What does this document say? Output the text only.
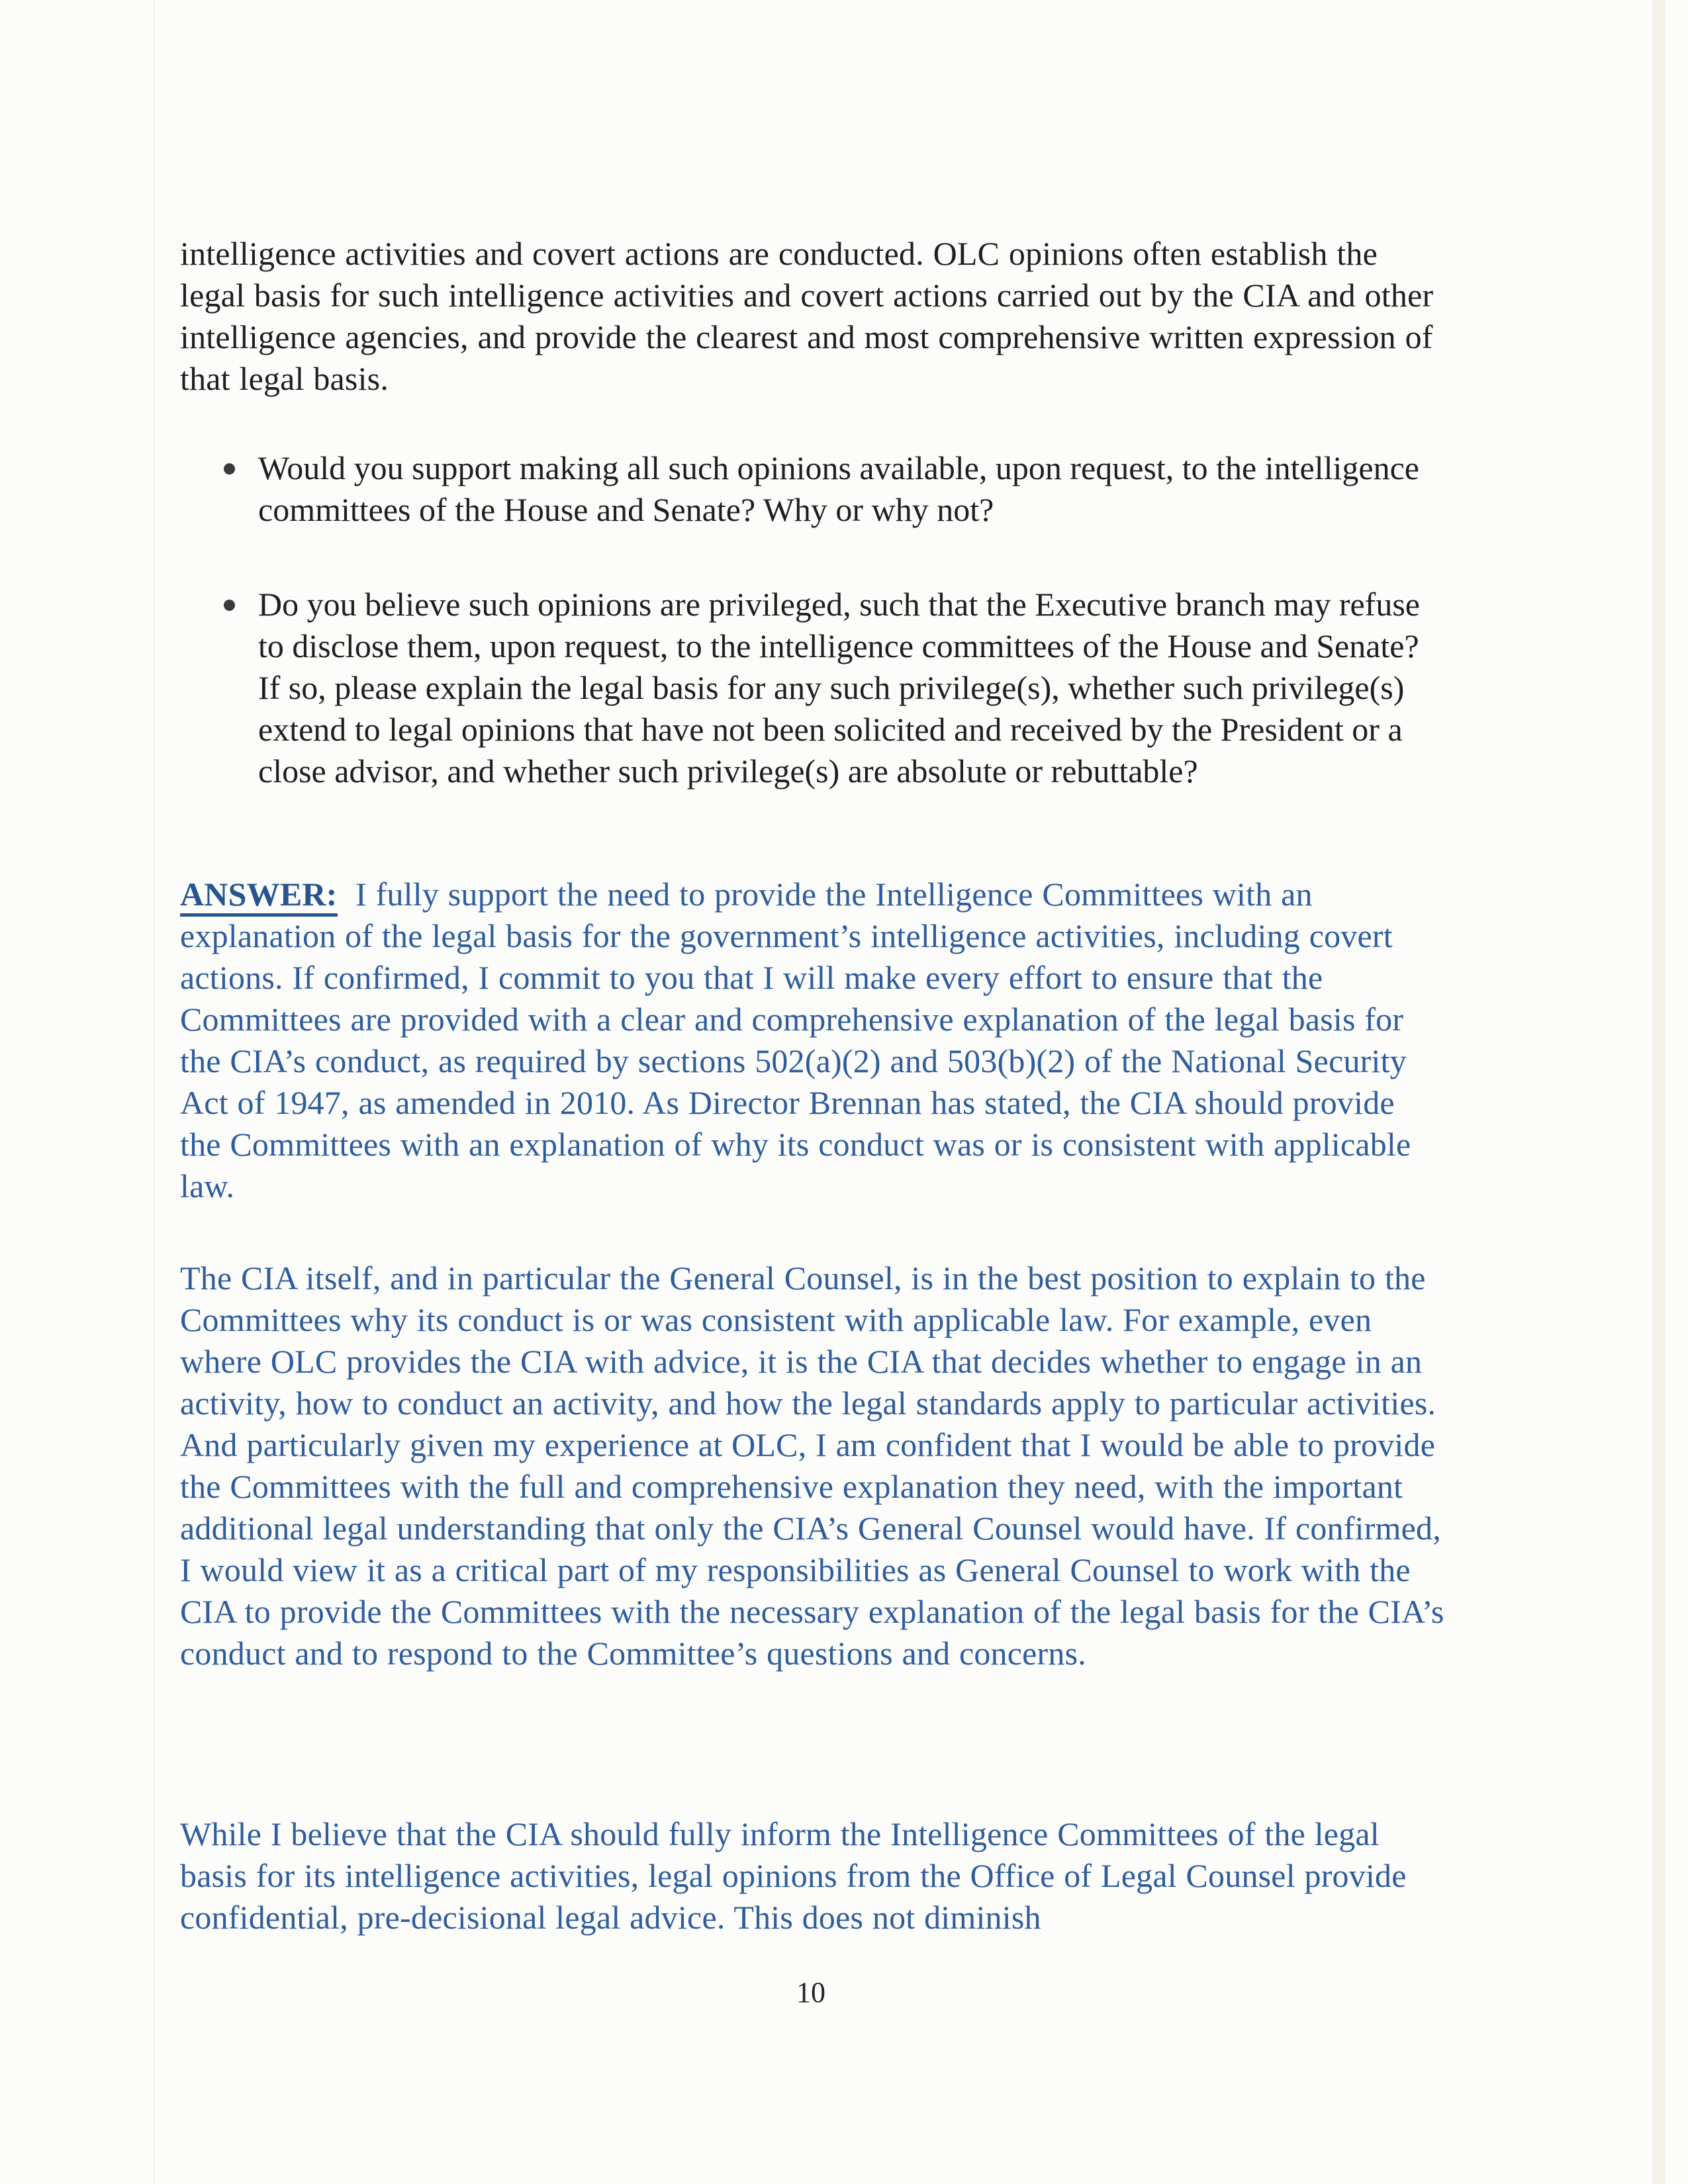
intelligence activities and covert actions are conducted. OLC opinions often establish the legal basis for such intelligence activities and covert actions carried out by the CIA and other intelligence agencies, and provide the clearest and most comprehensive written expression of that legal basis.

Would you support making all such opinions available, upon request, to the intelligence committees of the House and Senate? Why or why not?
Do you believe such opinions are privileged, such that the Executive branch may refuse to disclose them, upon request, to the intelligence committees of the House and Senate? If so, please explain the legal basis for any such privilege(s), whether such privilege(s) extend to legal opinions that have not been solicited and received by the President or a close advisor, and whether such privilege(s) are absolute or rebuttable?

ANSWER: I fully support the need to provide the Intelligence Committees with an explanation of the legal basis for the government’s intelligence activities, including covert actions. If confirmed, I commit to you that I will make every effort to ensure that the Committees are provided with a clear and comprehensive explanation of the legal basis for the CIA’s conduct, as required by sections 502(a)(2) and 503(b)(2) of the National Security Act of 1947, as amended in 2010. As Director Brennan has stated, the CIA should provide the Committees with an explanation of why its conduct was or is consistent with applicable law.

The CIA itself, and in particular the General Counsel, is in the best position to explain to the Committees why its conduct is or was consistent with applicable law. For example, even where OLC provides the CIA with advice, it is the CIA that decides whether to engage in an activity, how to conduct an activity, and how the legal standards apply to particular activities. And particularly given my experience at OLC, I am confident that I would be able to provide the Committees with the full and comprehensive explanation they need, with the important additional legal understanding that only the CIA’s General Counsel would have. If confirmed, I would view it as a critical part of my responsibilities as General Counsel to work with the CIA to provide the Committees with the necessary explanation of the legal basis for the CIA’s conduct and to respond to the Committee’s questions and concerns.

While I believe that the CIA should fully inform the Intelligence Committees of the legal basis for its intelligence activities, legal opinions from the Office of Legal Counsel provide confidential, pre-decisional legal advice. This does not diminish

10
